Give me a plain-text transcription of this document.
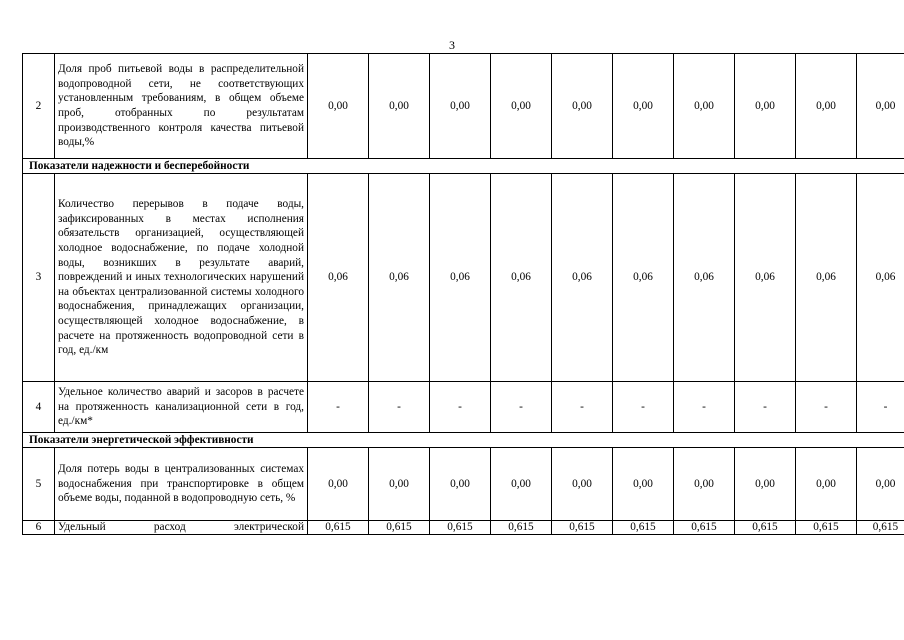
3
2	Доля проб питьевой воды в распределительной водопроводной сети, не соответствующих установленным требованиям, в общем объеме проб, отобранных по результатам производственного контроля качества питьевой воды,%	0,00	0,00	0,00	0,00	0,00	0,00	0,00	0,00	0,00	0,00
Показатели надежности и бесперебойности											
3	Количество перерывов в подаче воды, зафиксированных в местах исполнения обязательств организацией, осуществляющей холодное водоснабжение, по подаче холодной воды, возникших в результате аварий, повреждений и иных технологических нарушений на объектах централизованной системы холодного водоснабжения, принадлежащих организации, осуществляющей холодное водоснабжение, в расчете на протяженность водопроводной сети в год, ед./км	0,06	0,06	0,06	0,06	0,06	0,06	0,06	0,06	0,06	0,06
4	Удельное количество аварий и засоров в расчете на протяженность канализационной сети в год, ед./км*	-	-	-	-	-	-	-	-	-	-
Показатели энергетической эффективности											
5	Доля потерь воды в централизованных системах водоснабжения при транспортировке в общем объеме воды, поданной в водопроводную сеть, %	0,00	0,00	0,00	0,00	0,00	0,00	0,00	0,00	0,00	0,00
6	Удельный расход электрической	0,615	0,615	0,615	0,615	0,615	0,615	0,615	0,615	0,615	0,615
